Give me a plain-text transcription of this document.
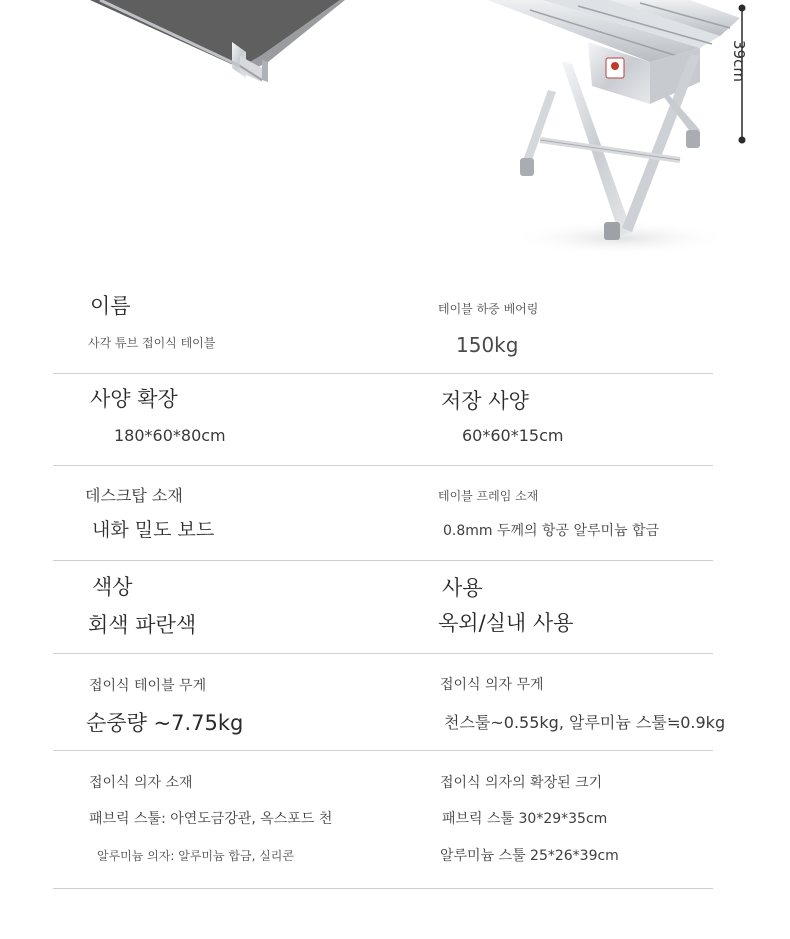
39cm
이름
사각 튜브 접이식 테이블
테이블 하중 베어링
150kg
사양 확장
180*60*80cm
저장 사양
60*60*15cm
데스크탑 소재
내화 밀도 보드
테이블 프레임 소재
0.8mm 두께의 항공 알루미늄 합금
색상
회색 파란색
사용
옥외/실내 사용
접이식 테이블 무게
순중량 ~7.75kg
접이식 의자 무게
천스툴~0.55kg, 알루미늄 스툴≒0.9kg
접이식 의자 소재
패브릭 스툴: 아연도금강관, 옥스포드 천
알루미늄 의자: 알루미늄 합금, 실리콘
접이식 의자의 확장된 크기
패브릭 스툴 30*29*35cm
알루미늄 스툴 25*26*39cm
